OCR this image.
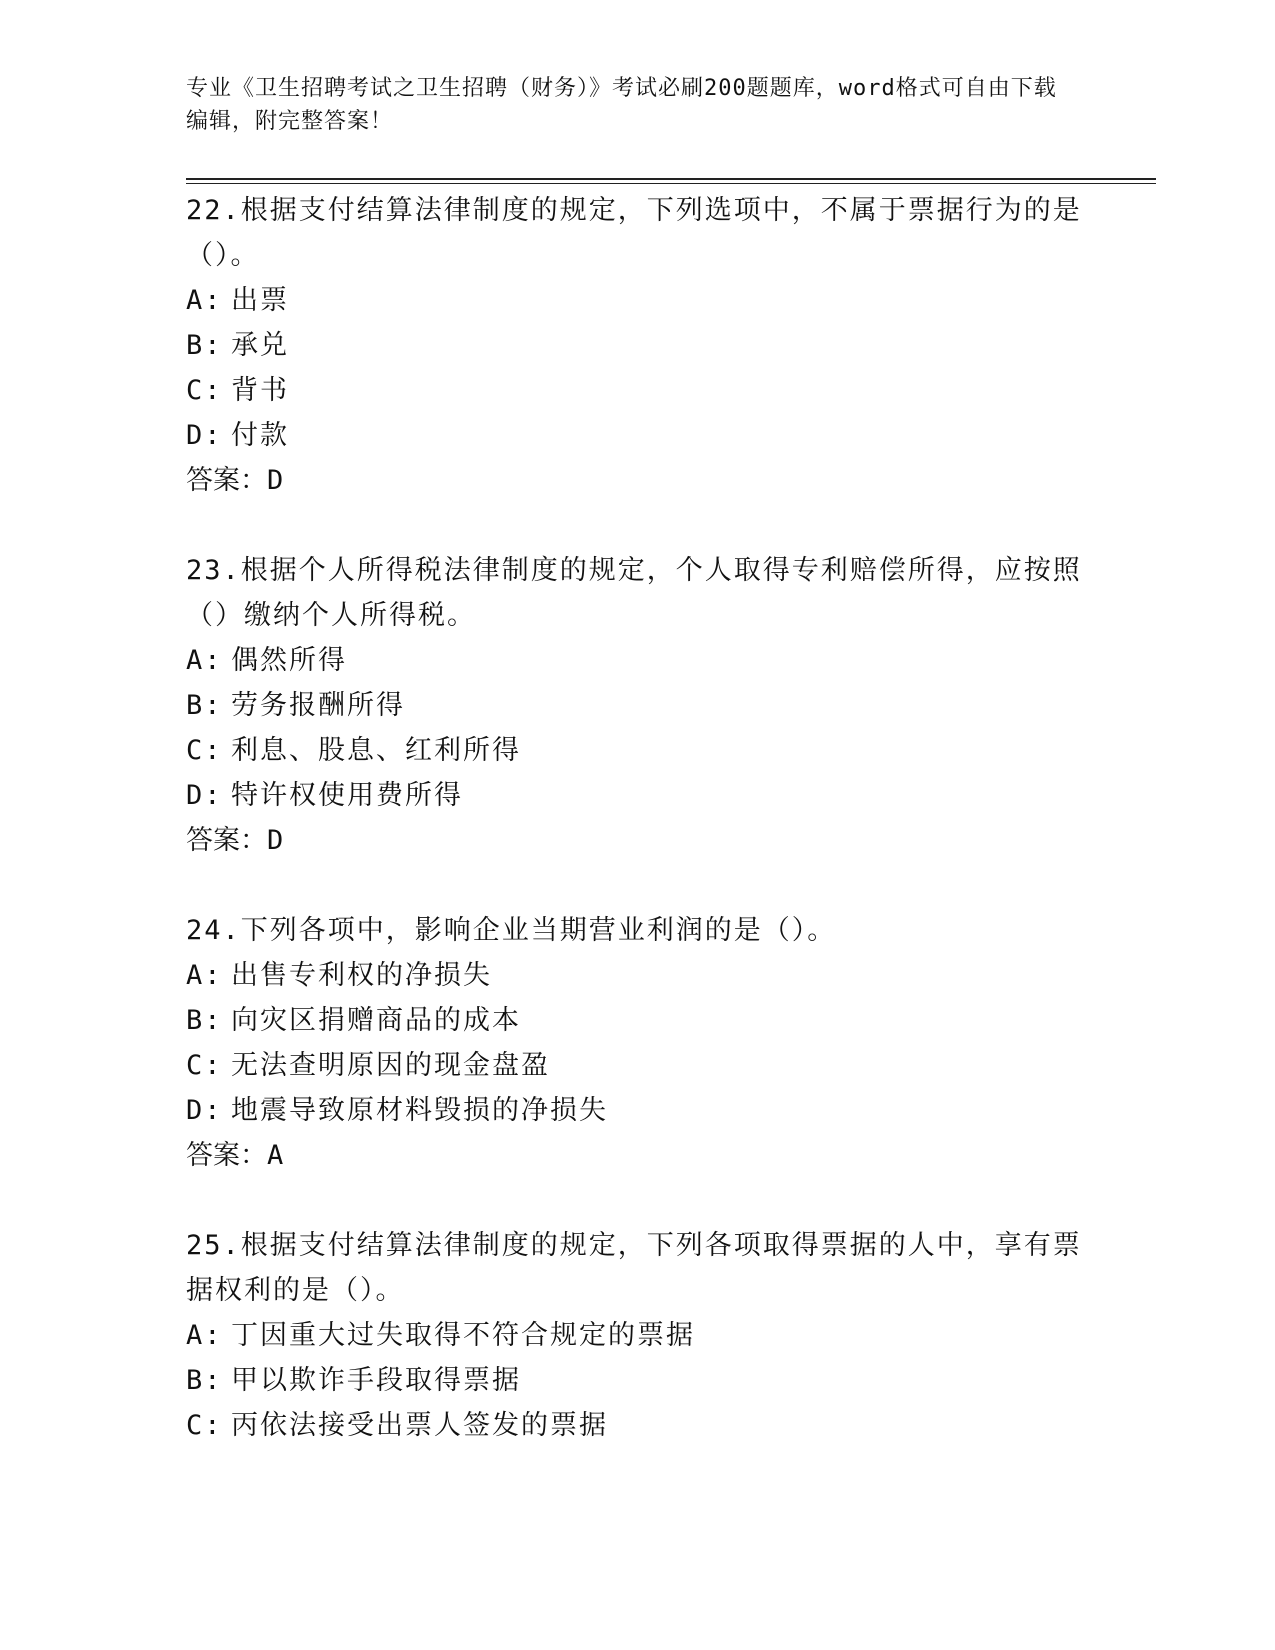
专业《卫生招聘考试之卫生招聘（财务）》考试必刷200题题库，word格式可自由下载编辑，附完整答案！

22.根据支付结算法律制度的规定，下列选项中，不属于票据行为的是（）。

A: 出票

B: 承兑

C: 背书

D: 付款

答案：D

23.根据个人所得税法律制度的规定，个人取得专利赔偿所得，应按照（）缴纳个人所得税。

A: 偶然所得

B: 劳务报酬所得

C: 利息、股息、红利所得

D: 特许权使用费所得

答案：D

24.下列各项中，影响企业当期营业利润的是（）。

A: 出售专利权的净损失

B: 向灾区捐赠商品的成本

C: 无法查明原因的现金盘盈

D: 地震导致原材料毁损的净损失

答案：A

25.根据支付结算法律制度的规定，下列各项取得票据的人中，享有票据权利的是（）。

A: 丁因重大过失取得不符合规定的票据

B: 甲以欺诈手段取得票据

C: 丙依法接受出票人签发的票据
